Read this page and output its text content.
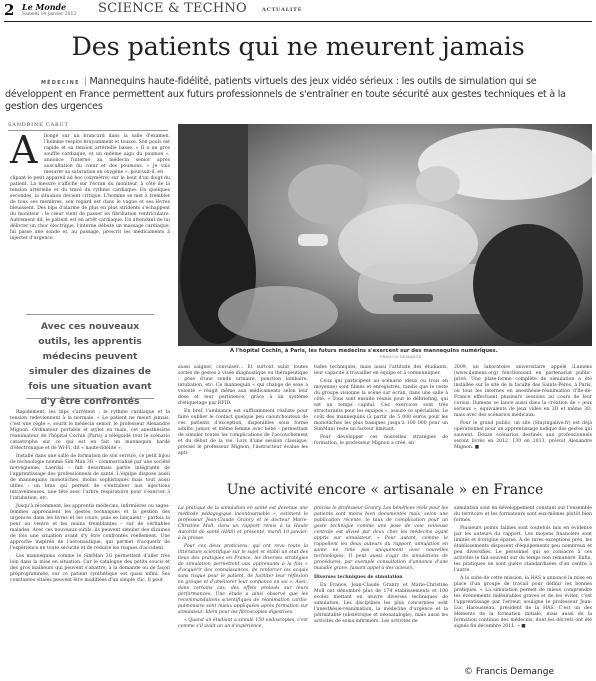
2 Le Monde
Samedi 14 janvier 2012 SCIENCE & TECHNO	ACTUALITÉ
Des patients qui ne meurent jamais
MÉDECINE | Mannequins haute-fidélité, patients virtuels des jeux vidéo sérieux : les outils de simulation qui se développent en France permettent aux futurs professionnels de s'entraîner en toute sécurité aux gestes techniques et à la gestion des urgences
SANDRINE CABUT
A llongé sur un brancard dans la salle d'examen, l'homme respire bruyamment et tousse. Son pouls est rapide et sa tension artérielle basse. « Il a un gros souffle cardiaque, et un œdème aigu du poumon », annonce l'interne au médecin senior après auscultation du cœur et des poumons. « Je vais mesurer sa saturation en oxygène », poursuit-il, en

clipant le petit appareil ad hoc (oxymètre) sur le bout d'un doigt du patient. La mesure s'affiche sur l'écran du moniteur, à côté de la tension artérielle et du tracé du rythme cardiaque. En quelques secondes, la situation devient critique. L'homme se met à trembler de tous ses membres, son regard est dans le vague et ses lèvres bleuissent. Des bips d'alarme de plus en plus stridents s'échappent du moniteur : le cœur vient de passer en fibrillation ventriculaire. Autrement dit, le patient est en arrêt cardiaque. En attendant de lui délivrer un choc électrique, l'interne débute un massage cardiaque, lui passe une sonde et, au passage, prescrit les médicaments à injecter d'urgence.

Avec ces nouveaux outils, les apprentis médecins peuvent simuler des dizaines de fois une situation avant d'y être confrontés

Rapidement, les bips s'arrêtent ; le rythme cardiaque et la tension redeviennent à la normale. « Le patient ne meurt jamais, c'est une règle », sourit le médecin senior, le professeur Alexandre Mignon. Ordinateur portable et stylet en main, cet anesthésiste réanimateur de l'hôpital Cochin (Paris) a téléguidé tout le scénario catastrophe sur ce qui est en fait un mannequin bardé d'électronique et de Wi-Fi, dit « haute-fidélité ».

Installé dans une salle de formation de son service, ce petit bijou de technologie nommé Sim Man 3G – commercialisé par une société norvégienne, Laerdal – fait désormais partie intégrante de l'apprentissage des professionnels de santé. L'équipe dispose aussi de mannequins monotâches, moins sophistiqués mais tout aussi utiles : un bras qui permet de s'entraîner aux injections intraveineuses, une tête avec l'arbre respiratoire pour s'exercer à l'intubation, etc.

Jusqu'à récemment, les apprentis médecins, infirmières ou sages-femmes apprenaient les gestes techniques et la gestion des urgences dans les livres et les cours, puis se lançaient – parfois la peur au ventre et les mains tremblantes – sur de véritables malades. Avec ces nouveaux outils, ils peuvent simuler des dizaines de fois une situation avant d'y être confrontés réellement. Une approche inspirée de l'aéronautique, qui permet d'acquérir de l'expérience en toute sécurité et de réduire les risques d'accident.

Les mannequins comme le SimMan 3G permettent d'aller très loin dans la mise en situation. Car le catalogue des petits soucis et des gros malheurs qui peuvent s'abattre, à la demande ou de façon préprogrammée, sur ce patient synthétique est quasi infini. Ses constantes vitales peuvent être modifiées d'un simple clic. Il peut

A l'hôpital Cochin, à Paris, les futurs médecins s'exercent sur des mannequins numériques.
FRANCIS DEMANGE

aussi saigner, convulser… Et surtout subir toutes sortes de gestes à visée diagnostique ou thérapeutique : pose d'une sonde urinaire, ponction lombaire, intubation, etc. Ce mannequin « qui change de sexe à volonté » réagit même aux médicaments selon leur dose et leur pertinence, grâce à un système d'étiquetage par RFID.

En bref, l'ambiance est suffisamment réaliste pour faire oublier le contact quelque peu caoutchouteux de ces patients d'exception, disponibles sous forme adulte, junior, et même femme avec bébé – permettant de simuler toutes les complications de l'accouchement et du début de la vie. Lors d'une session classique, précise le professeur Mignon, l'instructeur évalue les apti-

tudes techniques, mais aussi l'attitude des étudiants, leur capacité à travailler en équipe et à communiquer.

Ceux qui participent au scénario (deux ou trois en moyenne) sont filmés et enregistrés, tandis que le reste du groupe visionne la scène sur écran, dans une salle à côté. « Tous sont ensuite réunis pour le débriefing, qui est un temps capital. Ces exercices sont très structurants pour les équipes », assure ce spécialiste. Le coût des mannequins (à partir de 5 000 euros pour les monotâches les plus basiques jusqu'à 100 000 pour un SimMan) reste un facteur limitant.

Pour développer ces nouvelles stratégies de formation, le professeur Mignon a créé, en

2009, un laboratoire universitaire appelé iLumens (www.ilumens.org) fonctionnant en partenariat public-privé. Une plate-forme complète de simulation a été installée sur le site de la faculté des Saints-Pères, à Paris, où tous les internes en anesthésie-réanimation d'Ile-de-France effectuent plusieurs sessions au cours de leur cursus. Ilumens se lance aussi dans la création de « jeux sérieux », équivalents de jeux vidéo en 3D et même 3D, mais avec des scénarios médicaux.

Pour le grand public, un site (Stayingalive.fr) est déjà opérationnel pour un apprentissage ludique des gestes qui sauvent. Douze scénarios destinés aux professionnels seront livrés en 2012, 130 en 2013, prévoit Alexandre Mignon. ■

Une activité encore « artisanale » en France

La pratique de la simulation en santé est devenue une méthode pédagogique incontournable », estiment le professeur Jean-Claude Granry et le docteur Marie-Christine Moll, dans un rapport remis à la Haute Autorité de santé (HAS) et présenté, mardi 10 janvier, à la presse.

Pour ces deux praticiens, qui ont revu toute la littérature scientifique sur le sujet et établi un état des lieux des pratiques en France, les diverses stratégies de simulation permettent aux apprenants à la fois « d'acquérir des connaissances, de renforcer les acquis sans risque pour le patient, de faciliter leur réflexion en groupe et d'améliorer leur confiance en soi ». Avec, dans certains cas, des effets prouvés sur leurs performances. Une étude a ainsi observé que les recommandations scientifiques de réanimation cardio-pulmonaire sont mieux appliquées après formation sur simulateur. Idem pour les fibroscopies digestives.

« Quand un étudiant a simulé 150 endoscopies, c'est comme s'il avait un an d'expérience,

précise le professeur Granry. Les bénéfices réels pour les patients sont moins bien documentés mais, selon une publication récente, le taux de complication pour un geste technique comme une pose de voie veineuse centrale est divisé par deux chez les médecins ayant appris sur simulateur. » Pour autant, comme le rappellent les deux auteurs du rapport, simulation en santé ne rime pas uniquement avec nouvelles technologies. Il peut aussi s'agir de simulations de procédures, par exemple consultation d'annonce d'une maladie grave, faisant appel à des acteurs.

Diverses techniques de simulation

En France, Jean-Claude Granry et Marie-Christine Moll ont dénombré plus de 174 établissements et 100 écoles mettant en œuvre diverses techniques de simulation. Les disciplines les plus concernées sont l'anesthésie-réanimation, la médecine d'urgence et la périnatalité (obstétrique et néonatalogie), mais aussi les activités de soins infirmiers. Les activités de

simulation sont en développement constant sur l'ensemble du territoire et les formateurs sont eux-mêmes plutôt bien formés.

Plusieurs points faibles sont toutefois mis en évidence par les auteurs du rapport. Les moyens financiers sont limités et d'origine éparse. A de rares exceptions près, les établissements disposent d'équipements peu nombreux et peu diversifiés. Le personnel qui se consacre à ces activités le fait souvent sur du temps non rémunéré. Enfin, les pratiques ne sont guère standardisées d'un centre à l'autre.

A la suite de cette mission, la HAS a annoncé la mise en place d'un groupe de travail pour définir les bonnes pratiques. « La simulation permet de mieux comprendre les événements indésirables graves et de les éviter, c'est l'apprentissage par l'erreur, souligne le professeur Jean-Luc Harousseau, président de la HAS. C'est un des éléments de la formation initiale, mais aussi de la formation continue des médecins, dont les décrets ont été signés fin décembre 2011. » ■

© Francis Demange
